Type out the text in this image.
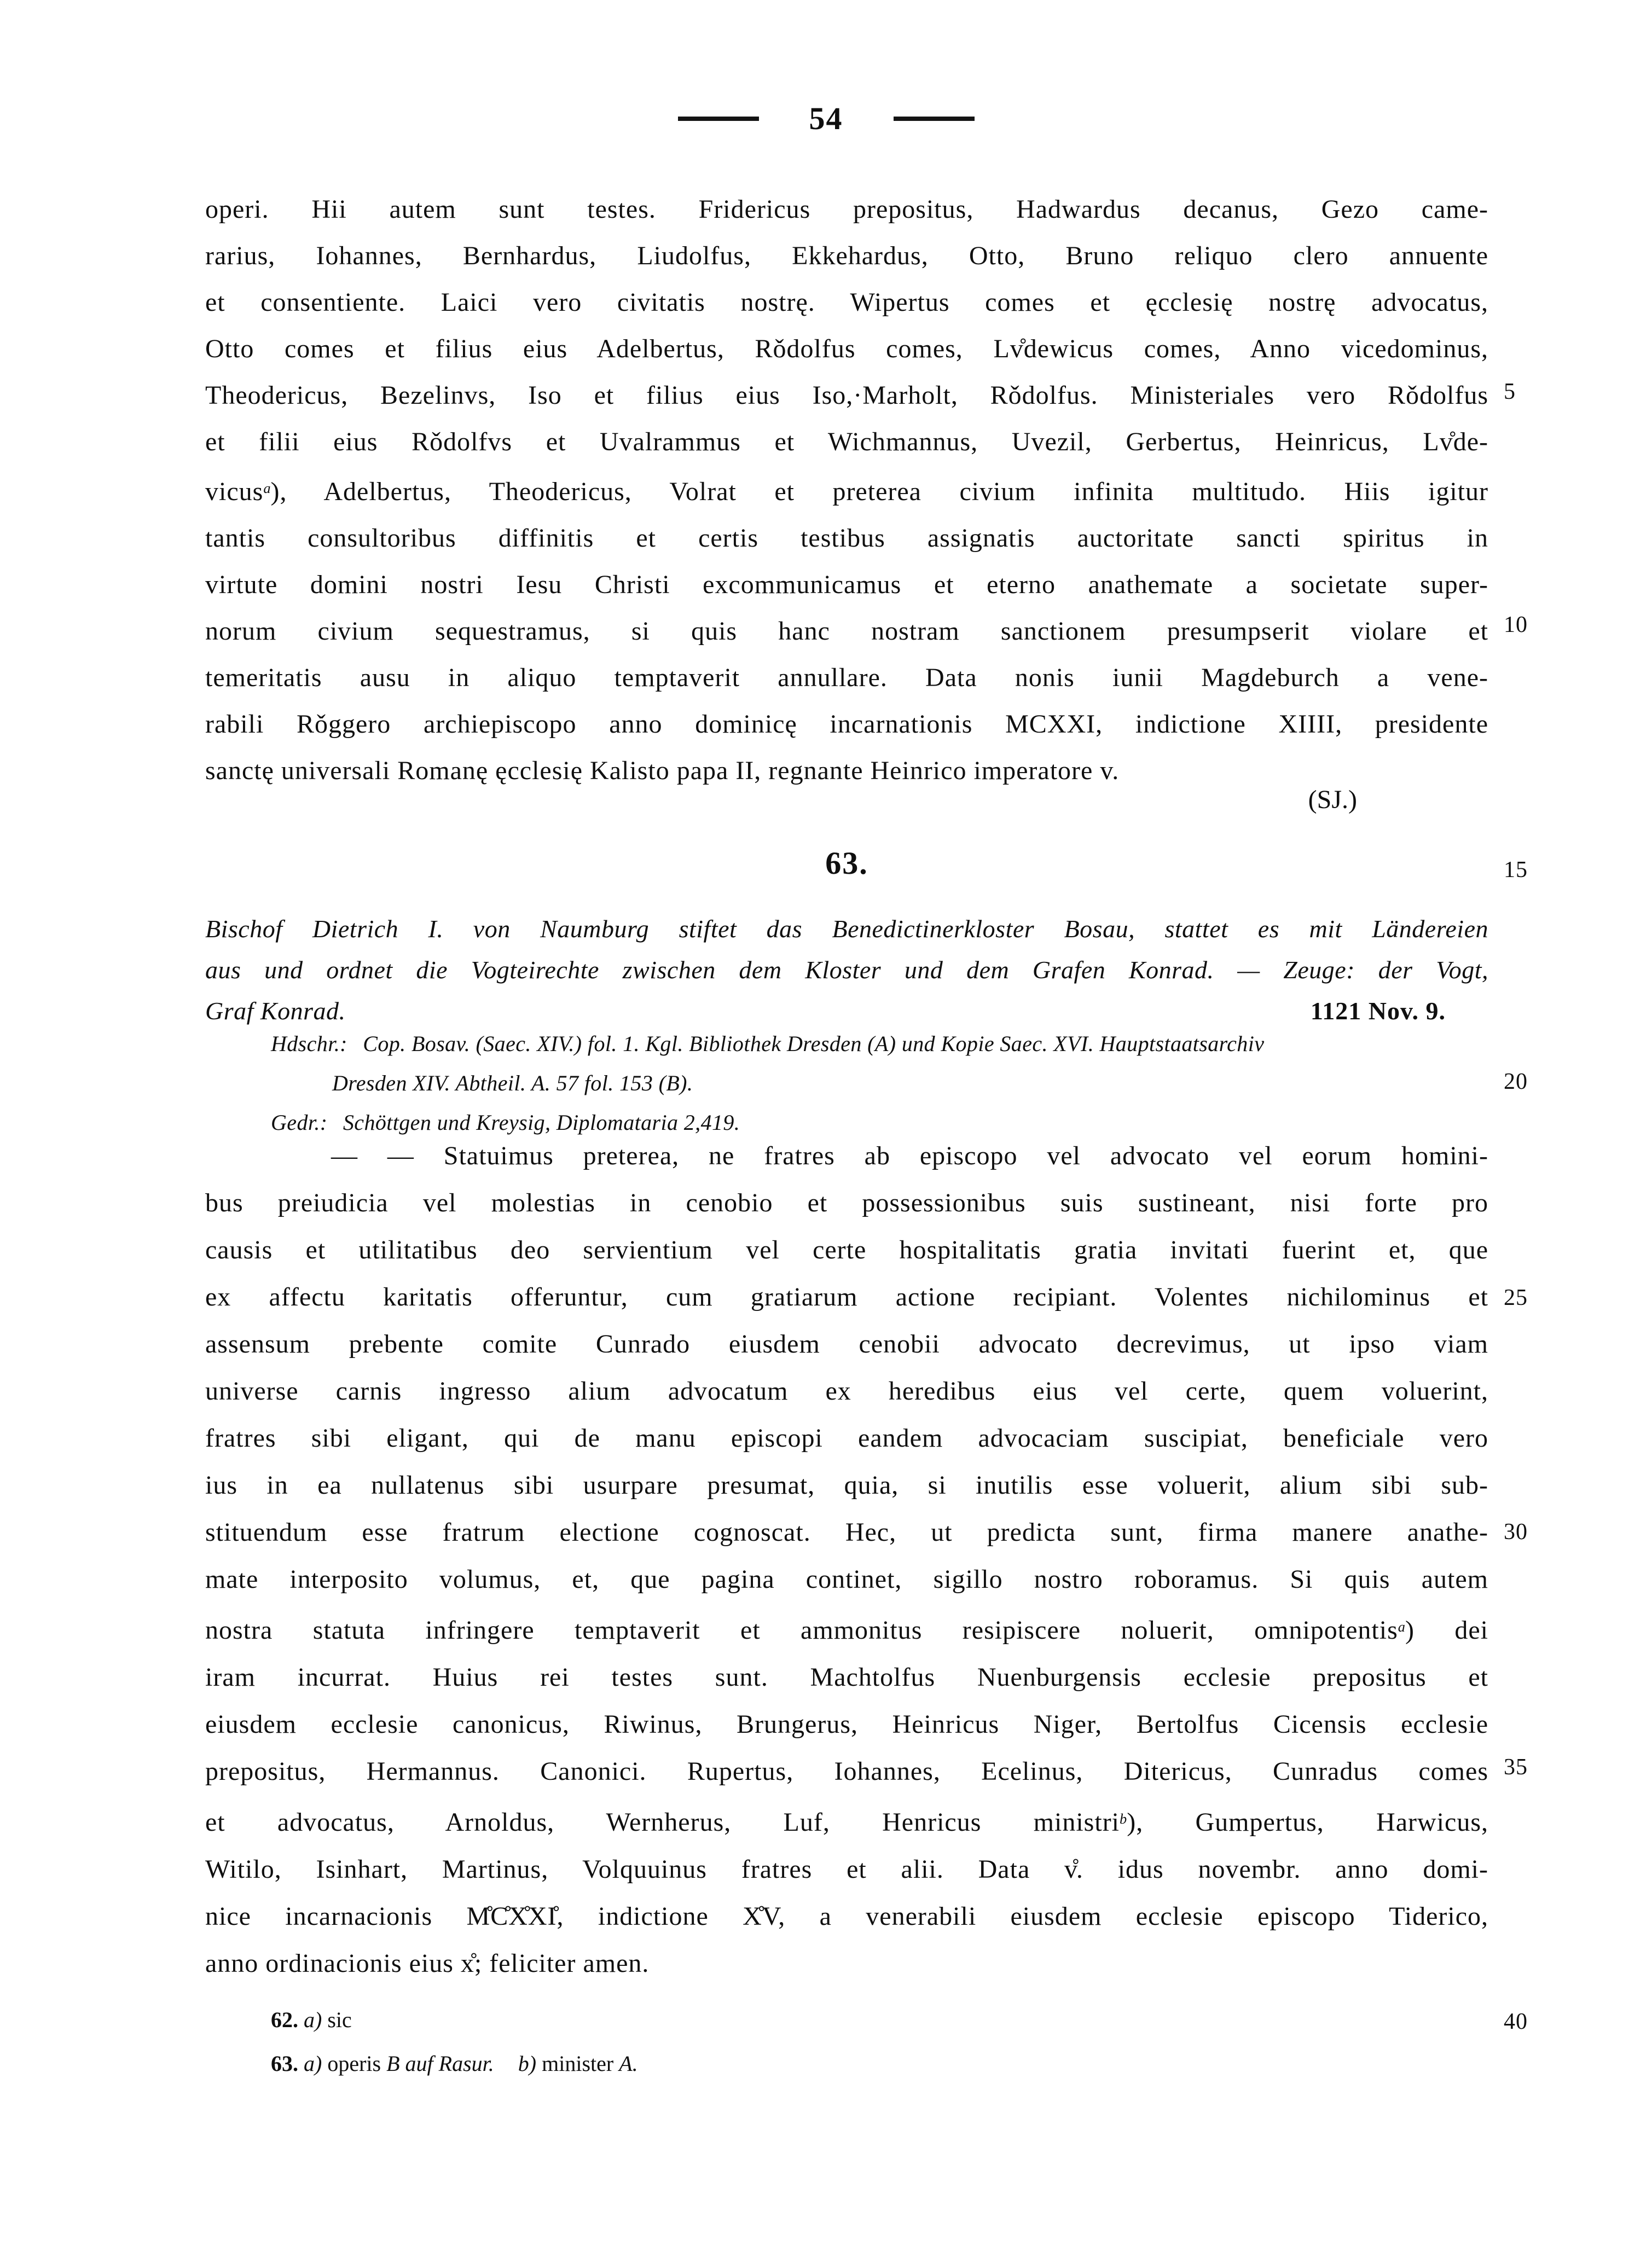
54
operi. Hii autem sunt testes. Fridericus prepositus, Hadwardus decanus, Gezo came-
rarius, Iohannes, Bernhardus, Liudolfus, Ekkehardus, Otto, Bruno reliquo clero annuente
et consentiente. Laici vero civitatis nostrę. Wipertus comes et ęcclesię nostrę advocatus,
Otto comes et filius eius Adelbertus, Rǒdolfus comes, Lv̊dewicus comes, Anno vicedominus,
Theodericus, Bezelinvs, Iso et filius eius Iso,·Marholt, Rǒdolfus. Ministeriales vero Rǒdolfus
et filii eius Rǒdolfvs et Uvalrammus et Wichmannus, Uvezil, Gerbertus, Heinricus, Lv̊de-
vicus$^a$), Adelbertus, Theodericus, Volrat et preterea civium infinita multitudo. Hiis igitur
tantis consultoribus diffinitis et certis testibus assignatis auctoritate sancti spiritus in
virtute domini nostri Iesu Christi excommunicamus et eterno anathemate a societate super-
norum civium sequestramus, si quis hanc nostram sanctionem presumpserit violare et
temeritatis ausu in aliquo temptaverit annullare. Data nonis iunii Magdeburch a vene-
rabili Rǒggero archiepiscopo anno dominicę incarnationis MCXXI, indictione XIIII, presidente
sanctę universali Romanę ęcclesię Kalisto papa II, regnante Heinrico imperatore v.
(SJ.)
63.
Bischof Dietrich I. von Naumburg stiftet das Benedictinerkloster Bosau, stattet es mit Ländereien
aus und ordnet die Vogteirechte zwischen dem Kloster und dem Grafen Konrad. — Zeuge: der Vogt,
Graf Konrad.	1121 Nov. 9.
Hdschr.: Cop. Bosav. (Saec. XIV.) fol. 1. Kgl. Bibliothek Dresden (A) und Kopie Saec. XVI. Hauptstaatsarchiv
Dresden XIV. Abtheil. A. 57 fol. 153 (B).
Gedr.: Schöttgen und Kreysig, Diplomataria 2,419.
— — Statuimus preterea, ne fratres ab episcopo vel advocato vel eorum homini-
bus preiudicia vel molestias in cenobio et possessionibus suis sustineant, nisi forte pro
causis et utilitatibus deo servientium vel certe hospitalitatis gratia invitati fuerint et, que
ex affectu karitatis offeruntur, cum gratiarum actione recipiant. Volentes nichilominus et
assensum prebente comite Cunrado eiusdem cenobii advocato decrevimus, ut ipso viam
universe carnis ingresso alium advocatum ex heredibus eius vel certe, quem voluerint,
fratres sibi eligant, qui de manu episcopi eandem advocaciam suscipiat, beneficiale vero
ius in ea nullatenus sibi usurpare presumat, quia, si inutilis esse voluerit, alium sibi sub-
stituendum esse fratrum electione cognoscat. Hec, ut predicta sunt, firma manere anathe-
mate interposito volumus, et, que pagina continet, sigillo nostro roboramus. Si quis autem
nostra statuta infringere temptaverit et ammonitus resipiscere noluerit, omnipotentis$^a$) dei
iram incurrat. Huius rei testes sunt. Machtolfus Nuenburgensis ecclesie prepositus et
eiusdem ecclesie canonicus, Riwinus, Brungerus, Heinricus Niger, Bertolfus Cicensis ecclesie
prepositus, Hermannus. Canonici. Rupertus, Iohannes, Ecelinus, Ditericus, Cunradus comes
et advocatus, Arnoldus, Wernherus, Luf, Henricus ministri$^b$), Gumpertus, Harwicus,
Witilo, Isinhart, Martinus, Volquuinus fratres et alii. Data v̊. idus novembr. anno domi-
nice incarnacionis M̊C̊X̊XI̊, indictione X̊V, a venerabili eiusdem ecclesie episcopo Tiderico,
anno ordinacionis eius x̊; feliciter amen.
62. a) sic
63. a) operis B auf Rasur. b) minister A.
5
10
15
20
25
30
35
40
